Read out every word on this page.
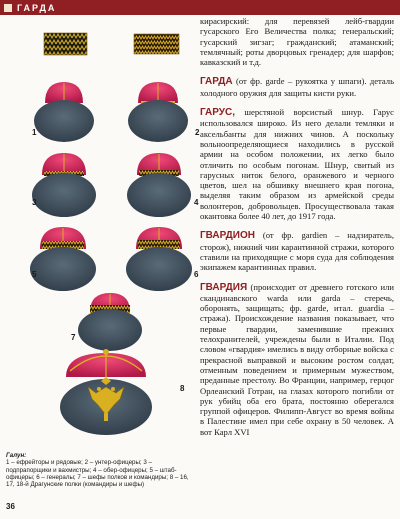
ГАРДА
1	2
3	4
5	6
7
8
Галун:
1 – ефрейторы и рядовые; 2 – унтер-офицеры; 3 – подпрапорщики и вахмистры; 4 – обер-офицеры; 5 – штаб-офицеры; 6 – генералы; 7 – шефы полков и командиры; 8 – 16, 17, 18-й Драгунские полки (командиры и шефы)
36

кирасирский: для перевязей лейб-гвардии гусарского Его Величества полка; генеральский; гусарский зигзаг; гражданский; атаманский; темлячный; роты дворцовых гренадер; для шарфов; кавказский и т.д.

ГАРДА (от фр. garde – рукоятка у шпаги). деталь холодного оружия для защиты кисти руки.

ГАРУС, шерстяной ворсистый шнур. Гарус использовался широко. Из него делали темляки и аксельбанты для нижних чинов. А поскольку вольноопределяющиеся находились в русской армии на особом положении, их легко было отличить по особым погонам. Шнур, свитый из гарусных ниток белого, оранжевого и черного цветов, шел на обшивку внешнего края погона, выделяя таким образом из армейской среды волонтеров, добровольцев. Просуществовала такая окантовка более 40 лет, до 1917 года.

ГВАРДИОН (от фр. gardien – надзиратель, сторож), нижний чин карантинной стражи, которого ставили на приходящие с моря суда для соблюдения экипажем карантинных правил.

ГВАРДИЯ (происходит от древнего готского или скандинавского warda или garda – стеречь, оборонять, защищать; фр. garde, итал. guardia – стража). Происхождение названия показывает, что первые гвардии, заменившие прежних телохранителей, учреждены были в Италии. Под словом «гвардия» имелись в виду отборные войска с прекрасной выправкой и высоким ростом солдат, отменным поведением и примерным мужеством, преданные престолу. Во Франции, например, герцог Орлеанский Готран, на глазах которого погибли от рук убийц оба его брата, постоянно оберегался группой офицеров. Филипп-Август во время войны в Палестине имел при себе охрану в 50 человек. А вот Карл XVI
